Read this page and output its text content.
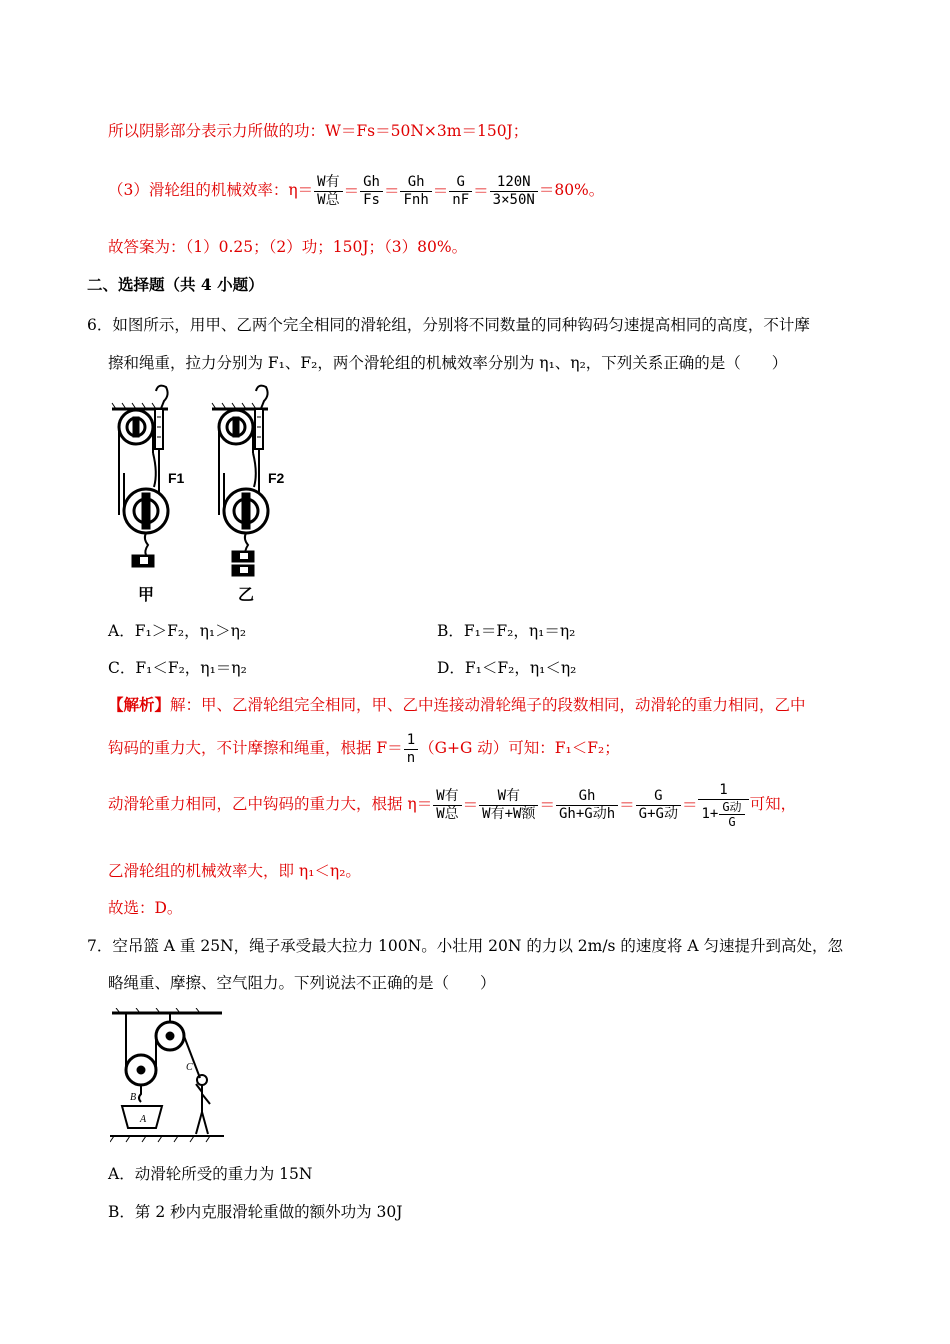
所以阴影部分表示力所做的功：W＝Fs＝50N×3m＝150J；
（3）滑轮组的机械效率：$\eta= \frac{\text{W有}}{\text{W总}} = \frac{Gh}{Fs} = \frac{Gh}{\text{Fnh}} = \frac{G}{nF} = \frac{120N}{3\times 50N} =80\%$。
故答案为：（1）0.25；（2）功；150J；（3）80%。
二、选择题（共 4 小题）
6．如图所示，用甲、乙两个完全相同的滑轮组，分别将不同数量的同种钩码匀速提高相同的高度，不计摩
擦和绳重，拉力分别为 F₁、F₂，两个滑轮组的机械效率分别为 η₁、η₂，下列关系正确的是（　　）
F1
甲
F2
乙
A．F₁＞F₂，η₁＞η₂	B．F₁＝F₂，η₁＝η₂
C．F₁＜F₂，η₁＝η₂	D．F₁＜F₂，η₁＜η₂
【解析】解：甲、乙滑轮组完全相同，甲、乙中连接动滑轮绳子的段数相同，动滑轮的重力相同，乙中
钩码的重力大，不计摩擦和绳重，根据 $F= \frac{1}{n} (G+G$ 动）可知：F₁＜F₂；
动滑轮重力相同，乙中钩码的重力大，根据 $\eta= \frac{\text{W有}}{\text{W总}} = \frac{\text{W有}}{\text{W有+W额}} = \frac{Gh}{\text{Gh+G动h}} = \frac{G}{\text{G+G动}} = \frac{1}{1+ \frac{\text{G动}}{G}}$ 可知，
乙滑轮组的机械效率大，即 η₁＜η₂。
故选：D。
7．空吊篮 A 重 25N，绳子承受最大拉力 100N。小壮用 20N 的力以 2m/s 的速度将 A 匀速提升到高处，忽
略绳重、摩擦、空气阻力。下列说法不正确的是（　　）
A
B
C
A．动滑轮所受的重力为 15N
B．第 2 秒内克服滑轮重做的额外功为 30J
